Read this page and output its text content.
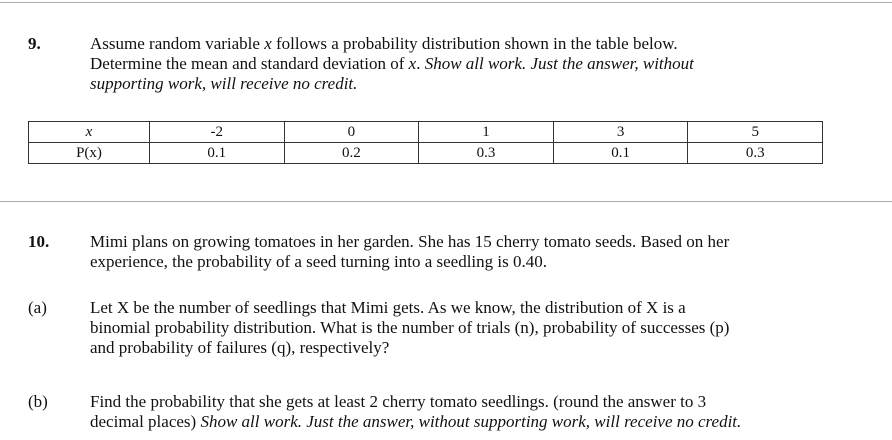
9.	Assume random variable x follows a probability distribution shown in the table below.
Determine the mean and standard deviation of x. Show all work. Just the answer, without
supporting work, will receive no credit.
x	-2	0	1	3	5
P(x)	0.1	0.2	0.3	0.1	0.3
10. Mimi plans on growing tomatoes in her garden. She has 15 cherry tomato seeds. Based on her
experience, the probability of a seed turning into a seedling is 0.40.
(a)	Let X be the number of seedlings that Mimi gets. As we know, the distribution of X is a
binomial probability distribution. What is the number of trials (n), probability of successes (p)
and probability of failures (q), respectively?
(b) Find the probability that she gets at least 2 cherry tomato seedlings. (round the answer to 3
decimal places) Show all work. Just the answer, without supporting work, will receive no credit.
